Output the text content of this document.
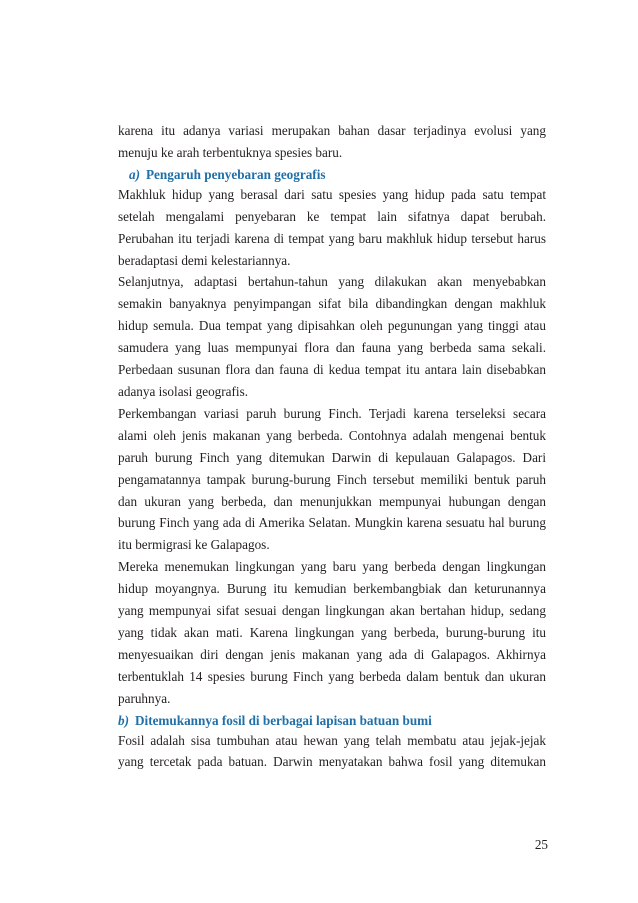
karena itu adanya variasi merupakan bahan dasar terjadinya evolusi yang
menuju ke arah terbentuknya spesies baru.
a) Pengaruh penyebaran geografis
Makhluk hidup yang berasal dari satu spesies yang hidup pada satu tempat
setelah mengalami penyebaran ke tempat lain sifatnya dapat berubah.
Perubahan itu terjadi karena di tempat yang baru makhluk hidup tersebut harus
beradaptasi demi kelestariannya.
Selanjutnya, adaptasi bertahun-tahun yang dilakukan akan menyebabkan
semakin banyaknya penyimpangan sifat bila dibandingkan dengan makhluk
hidup semula. Dua tempat yang dipisahkan oleh pegunungan yang tinggi atau
samudera yang luas mempunyai flora dan fauna yang berbeda sama sekali.
Perbedaan susunan flora dan fauna di kedua tempat itu antara lain disebabkan
adanya isolasi geografis.
Perkembangan variasi paruh burung Finch. Terjadi karena terseleksi secara
alami oleh jenis makanan yang berbeda. Contohnya adalah mengenai bentuk
paruh burung Finch yang ditemukan Darwin di kepulauan Galapagos. Dari
pengamatannya tampak burung-burung Finch tersebut memiliki bentuk paruh
dan ukuran yang berbeda, dan menunjukkan mempunyai hubungan dengan
burung Finch yang ada di Amerika Selatan. Mungkin karena sesuatu hal burung
itu bermigrasi ke Galapagos.
Mereka menemukan lingkungan yang baru yang berbeda dengan lingkungan
hidup moyangnya. Burung itu kemudian berkembangbiak dan keturunannya
yang mempunyai sifat sesuai dengan lingkungan akan bertahan hidup, sedang
yang tidak akan mati. Karena lingkungan yang berbeda, burung-burung itu
menyesuaikan diri dengan jenis makanan yang ada di Galapagos. Akhirnya
terbentuklah 14 spesies burung Finch yang berbeda dalam bentuk dan ukuran
paruhnya.
b) Ditemukannya fosil di berbagai lapisan batuan bumi
Fosil adalah sisa tumbuhan atau hewan yang telah membatu atau jejak-jejak
yang tercetak pada batuan. Darwin menyatakan bahwa fosil yang ditemukan
25
